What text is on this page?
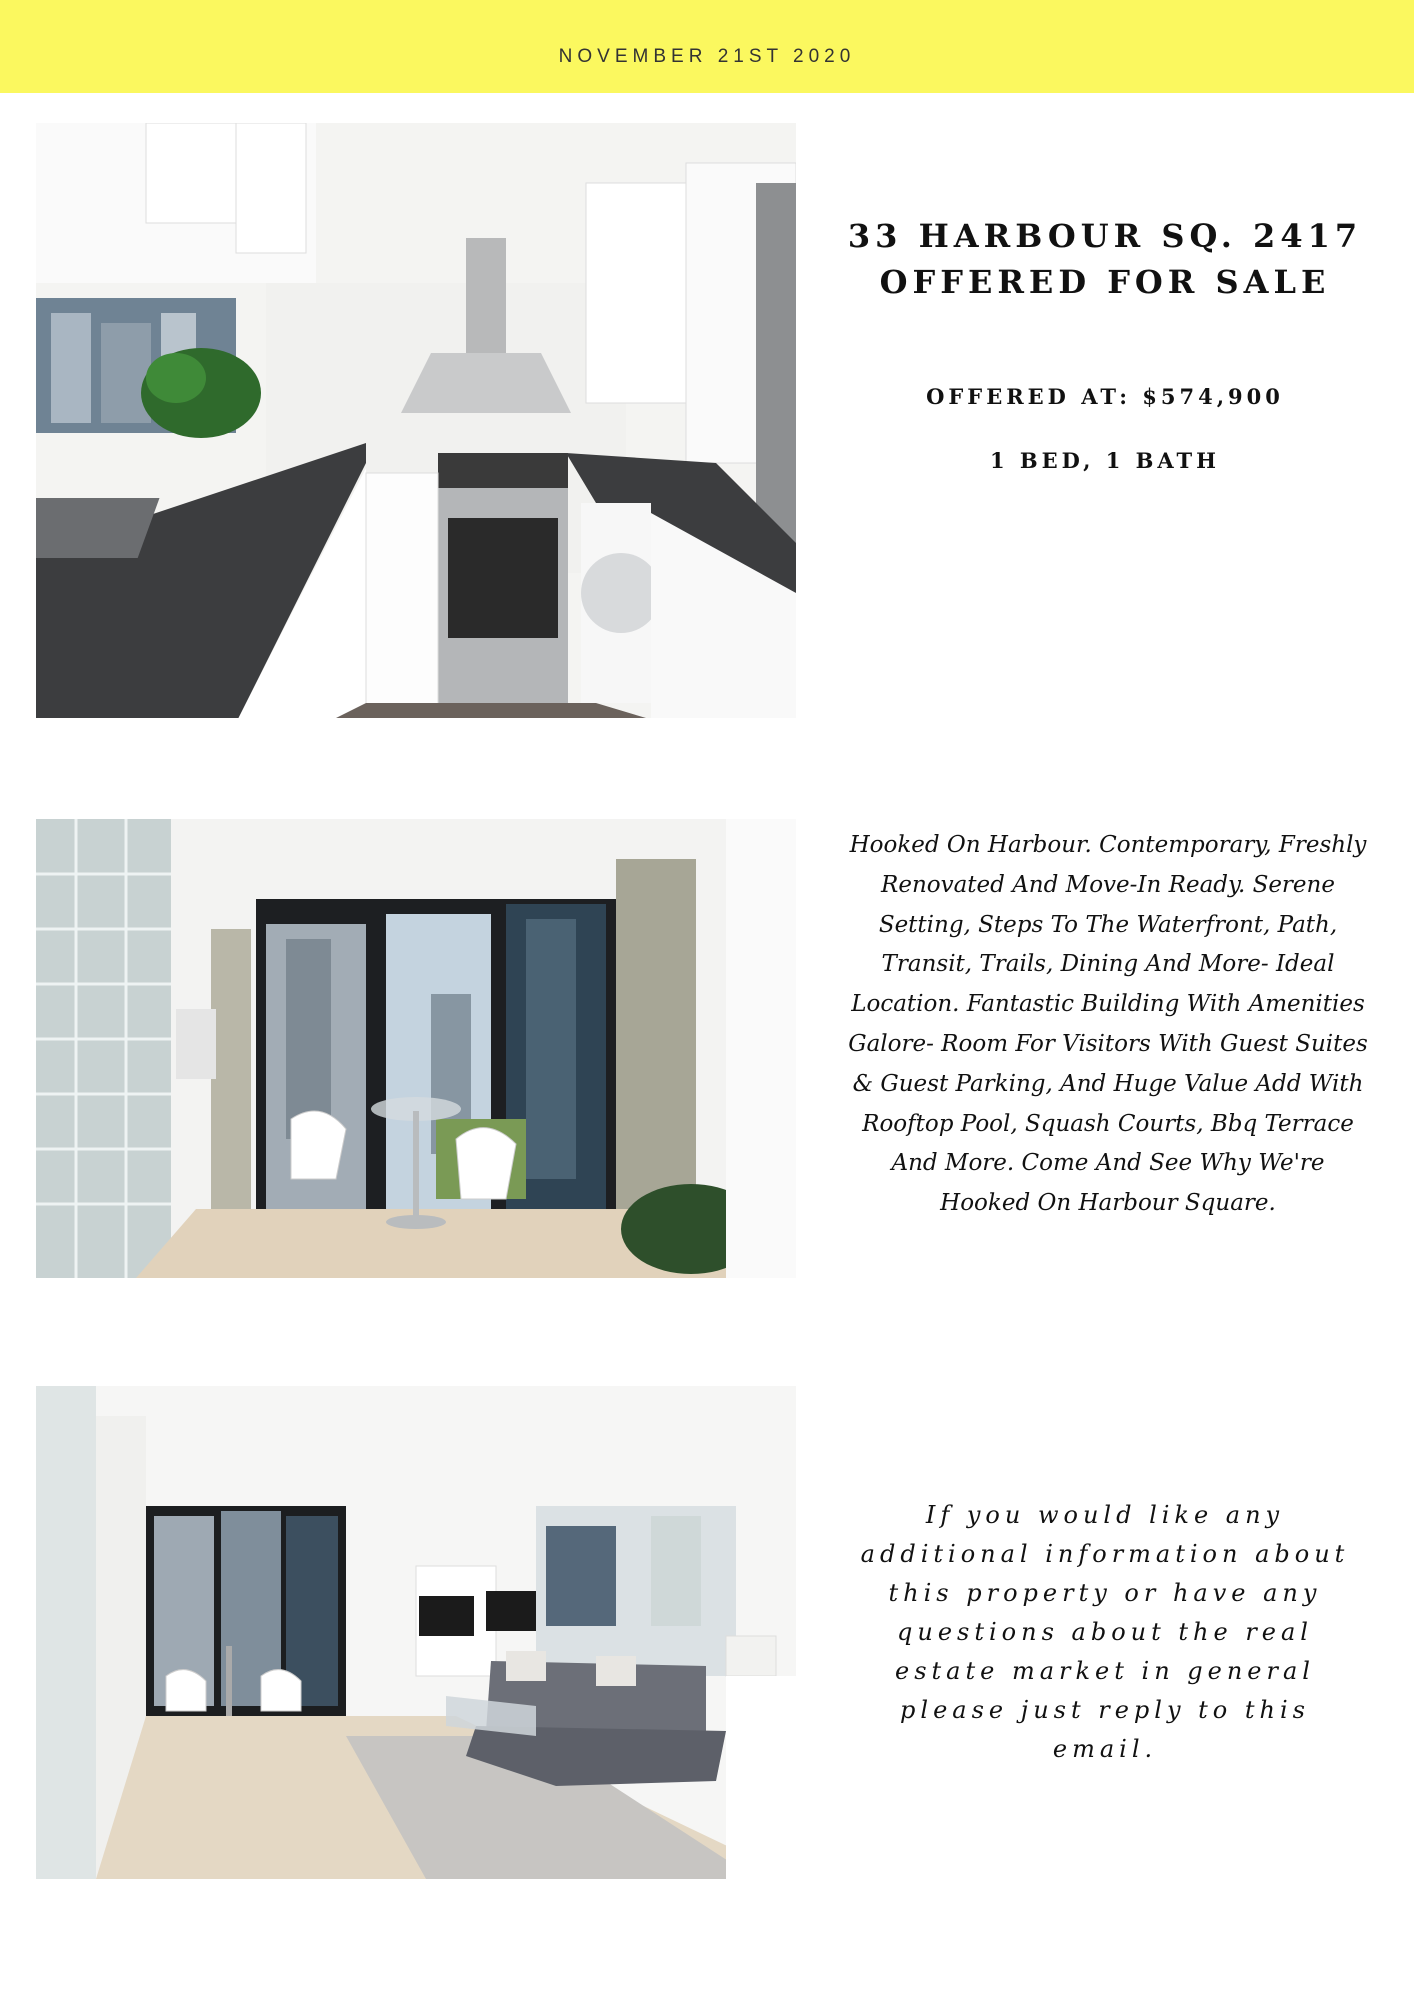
NOVEMBER 21ST 2020
33 HARBOUR SQ. 2417
OFFERED FOR SALE
OFFERED AT: $574,900
1 BED, 1 BATH
Hooked On Harbour. Contemporary, Freshly Renovated And Move-In Ready. Serene Setting, Steps To The Waterfront, Path, Transit, Trails, Dining And More- Ideal Location. Fantastic Building With Amenities Galore- Room For Visitors With Guest Suites & Guest Parking, And Huge Value Add With Rooftop Pool, Squash Courts, Bbq Terrace And More. Come And See Why We're Hooked On Harbour Square.
If you would like any additional information about this property or have any questions about the real estate market in general please just reply to this email.
